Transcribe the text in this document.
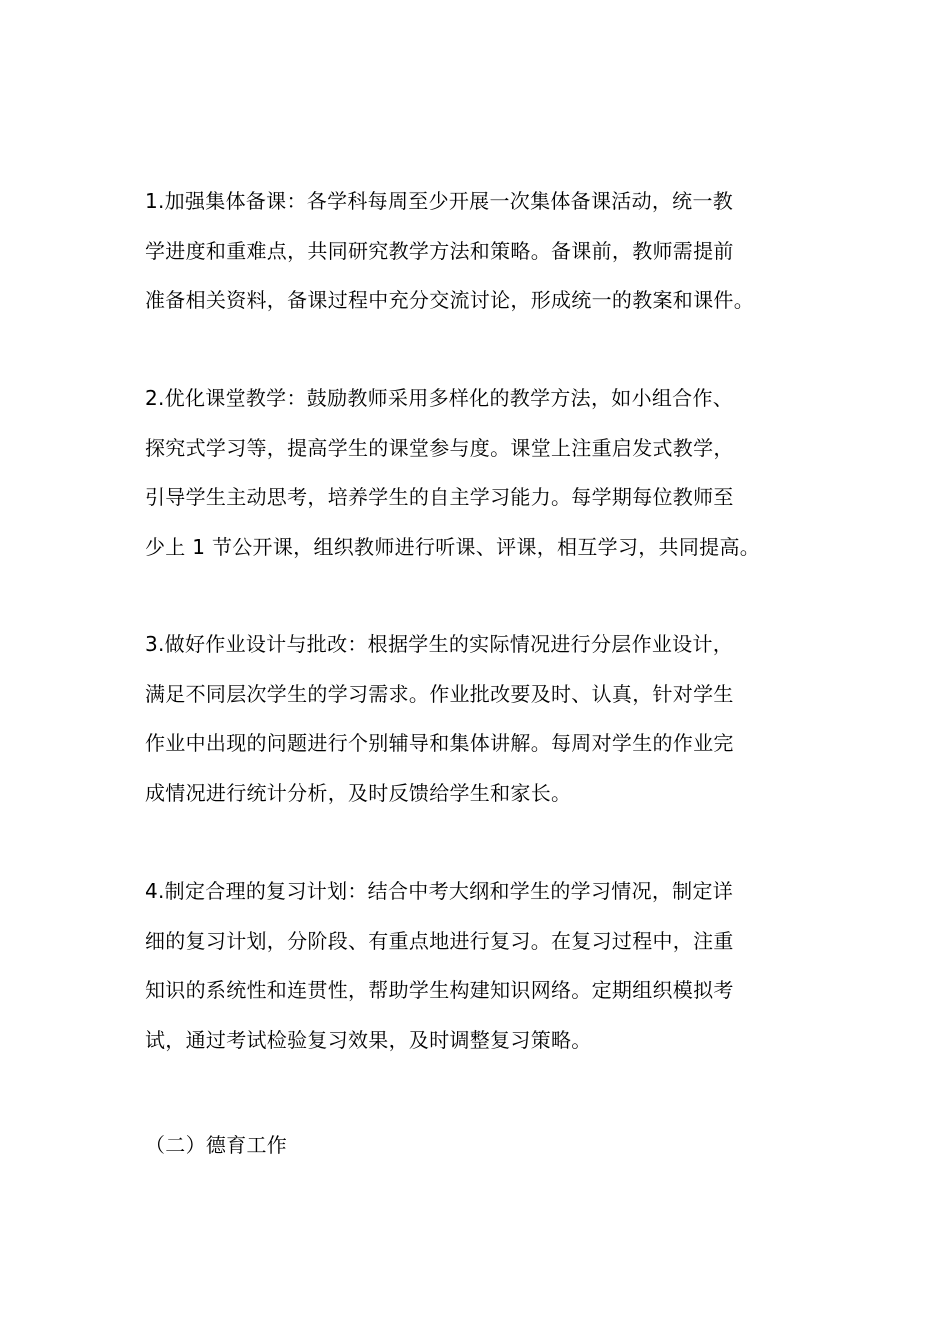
1.加强集体备课：各学科每周至少开展一次集体备课活动，统一教
学进度和重难点，共同研究教学方法和策略。备课前，教师需提前
准备相关资料，备课过程中充分交流讨论，形成统一的教案和课件。

2.优化课堂教学：鼓励教师采用多样化的教学方法，如小组合作、
探究式学习等，提高学生的课堂参与度。课堂上注重启发式教学，
引导学生主动思考，培养学生的自主学习能力。每学期每位教师至
少上 1 节公开课，组织教师进行听课、评课，相互学习，共同提高。

3.做好作业设计与批改：根据学生的实际情况进行分层作业设计，
满足不同层次学生的学习需求。作业批改要及时、认真，针对学生
作业中出现的问题进行个别辅导和集体讲解。每周对学生的作业完
成情况进行统计分析，及时反馈给学生和家长。

4.制定合理的复习计划：结合中考大纲和学生的学习情况，制定详
细的复习计划，分阶段、有重点地进行复习。在复习过程中，注重
知识的系统性和连贯性，帮助学生构建知识网络。定期组织模拟考
试，通过考试检验复习效果，及时调整复习策略。

（二）德育工作
